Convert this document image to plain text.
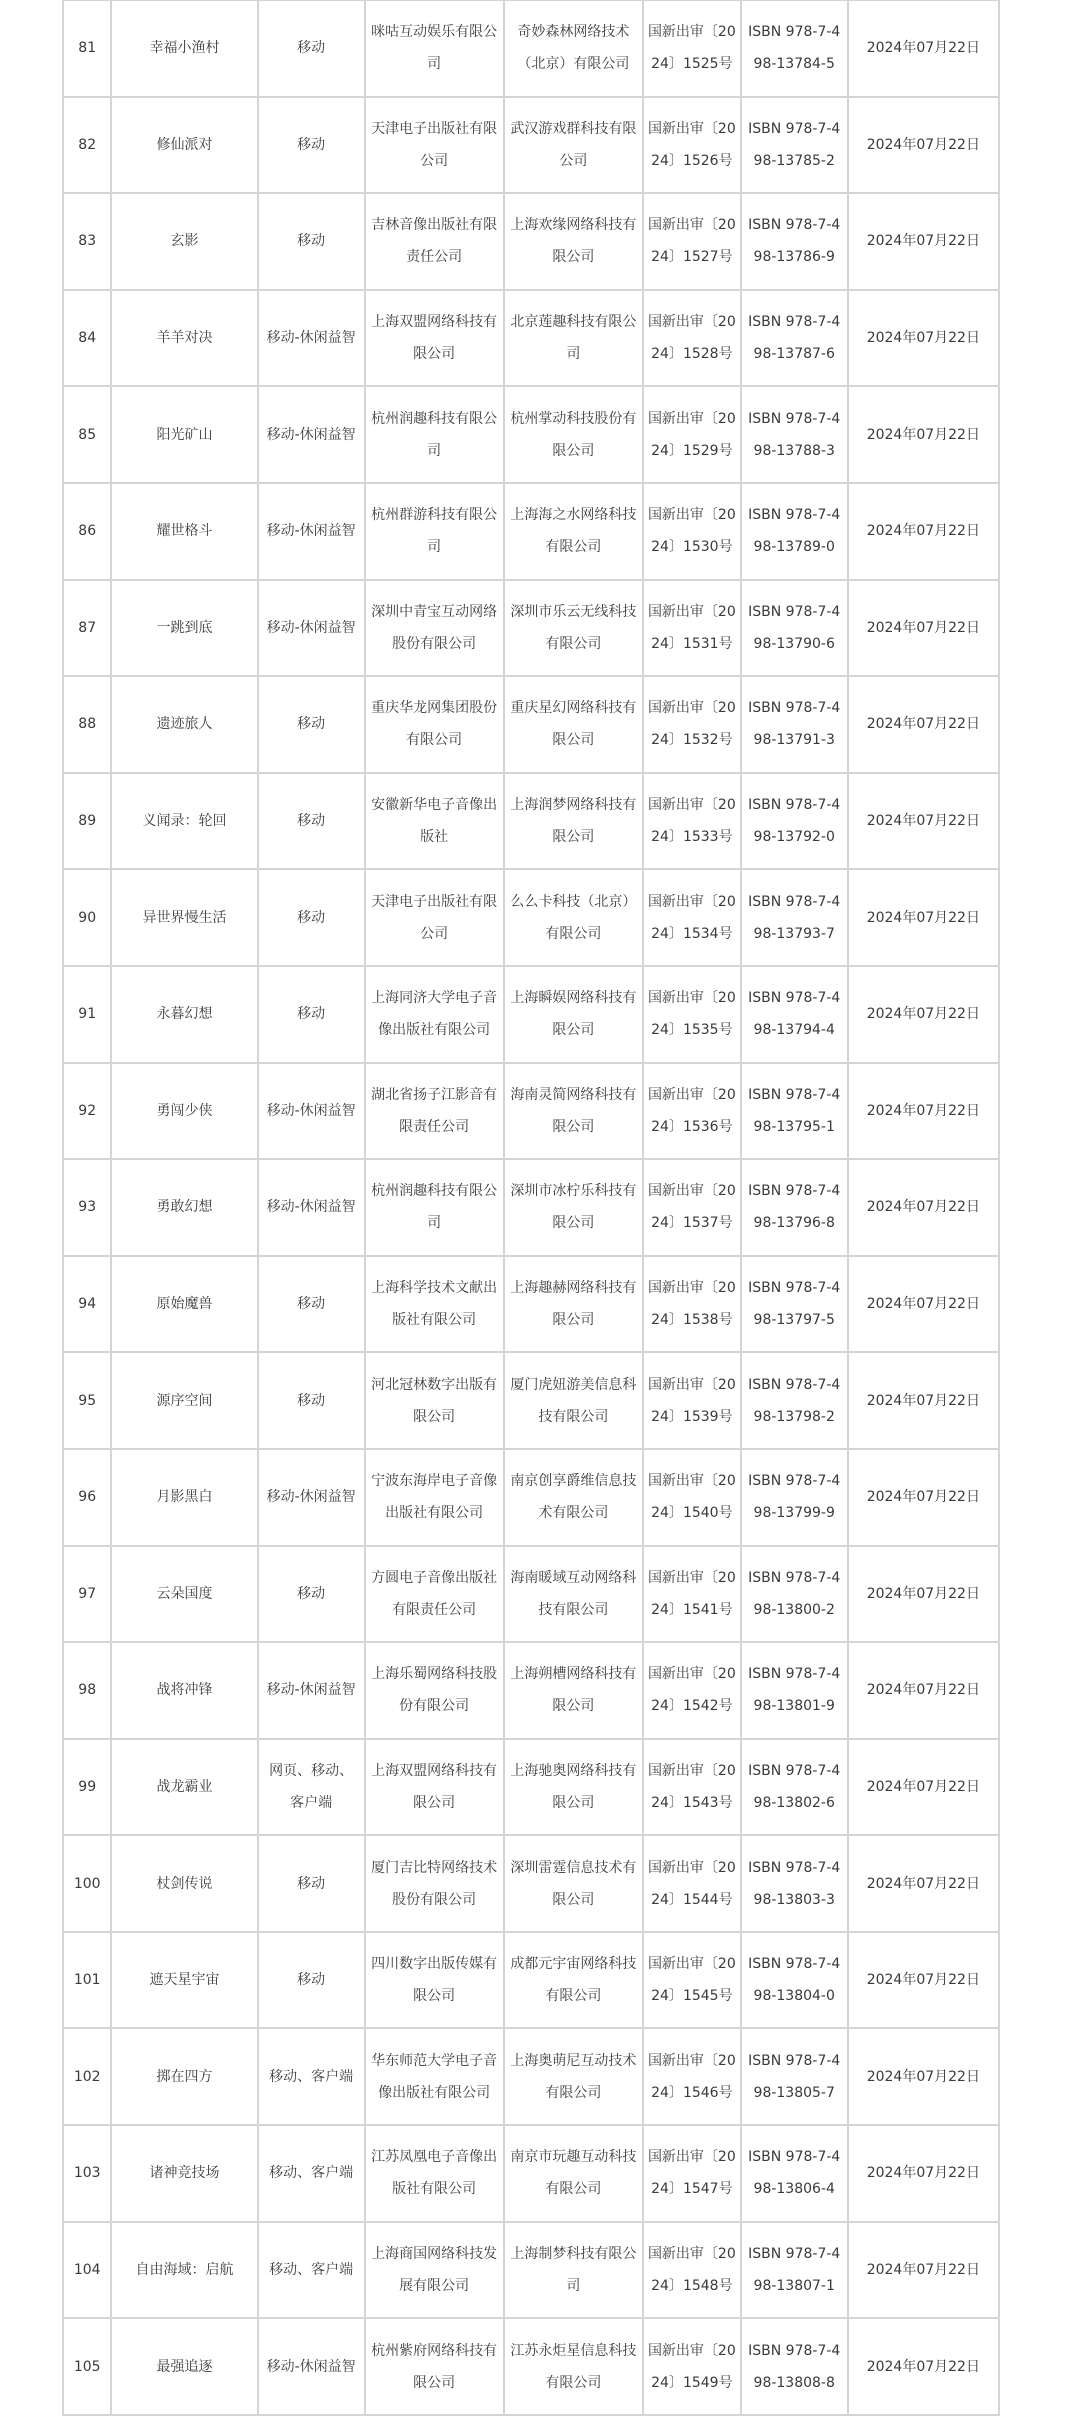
81	幸福小渔村	移动	咪咕互动娱乐有限公司	奇妙森林网络技术（北京）有限公司	国新出审〔2024〕1525号	ISBN 978-7-498-13784-5	2024年07月22日
82	修仙派对	移动	天津电子出版社有限公司	武汉游戏群科技有限公司	国新出审〔2024〕1526号	ISBN 978-7-498-13785-2	2024年07月22日
83	玄影	移动	吉林音像出版社有限责任公司	上海欢缘网络科技有限公司	国新出审〔2024〕1527号	ISBN 978-7-498-13786-9	2024年07月22日
84	羊羊对决	移动-休闲益智	上海双盟网络科技有限公司	北京莲趣科技有限公司	国新出审〔2024〕1528号	ISBN 978-7-498-13787-6	2024年07月22日
85	阳光矿山	移动-休闲益智	杭州润趣科技有限公司	杭州掌动科技股份有限公司	国新出审〔2024〕1529号	ISBN 978-7-498-13788-3	2024年07月22日
86	耀世格斗	移动-休闲益智	杭州群游科技有限公司	上海海之水网络科技有限公司	国新出审〔2024〕1530号	ISBN 978-7-498-13789-0	2024年07月22日
87	一跳到底	移动-休闲益智	深圳中青宝互动网络股份有限公司	深圳市乐云无线科技有限公司	国新出审〔2024〕1531号	ISBN 978-7-498-13790-6	2024年07月22日
88	遗迹旅人	移动	重庆华龙网集团股份有限公司	重庆星幻网络科技有限公司	国新出审〔2024〕1532号	ISBN 978-7-498-13791-3	2024年07月22日
89	义闻录：轮回	移动	安徽新华电子音像出版社	上海润梦网络科技有限公司	国新出审〔2024〕1533号	ISBN 978-7-498-13792-0	2024年07月22日
90	异世界慢生活	移动	天津电子出版社有限公司	么么卡科技（北京）有限公司	国新出审〔2024〕1534号	ISBN 978-7-498-13793-7	2024年07月22日
91	永暮幻想	移动	上海同济大学电子音像出版社有限公司	上海瞬娱网络科技有限公司	国新出审〔2024〕1535号	ISBN 978-7-498-13794-4	2024年07月22日
92	勇闯少侠	移动-休闲益智	湖北省扬子江影音有限责任公司	海南灵简网络科技有限公司	国新出审〔2024〕1536号	ISBN 978-7-498-13795-1	2024年07月22日
93	勇敢幻想	移动-休闲益智	杭州润趣科技有限公司	深圳市冰柠乐科技有限公司	国新出审〔2024〕1537号	ISBN 978-7-498-13796-8	2024年07月22日
94	原始魔兽	移动	上海科学技术文献出版社有限公司	上海趣赫网络科技有限公司	国新出审〔2024〕1538号	ISBN 978-7-498-13797-5	2024年07月22日
95	源序空间	移动	河北冠林数字出版有限公司	厦门虎妞游美信息科技有限公司	国新出审〔2024〕1539号	ISBN 978-7-498-13798-2	2024年07月22日
96	月影黑白	移动-休闲益智	宁波东海岸电子音像出版社有限公司	南京创享爵维信息技术有限公司	国新出审〔2024〕1540号	ISBN 978-7-498-13799-9	2024年07月22日
97	云朵国度	移动	方圆电子音像出版社有限责任公司	海南暖域互动网络科技有限公司	国新出审〔2024〕1541号	ISBN 978-7-498-13800-2	2024年07月22日
98	战将冲锋	移动-休闲益智	上海乐蜀网络科技股份有限公司	上海朔槽网络科技有限公司	国新出审〔2024〕1542号	ISBN 978-7-498-13801-9	2024年07月22日
99	战龙霸业	网页、移动、客户端	上海双盟网络科技有限公司	上海驰奥网络科技有限公司	国新出审〔2024〕1543号	ISBN 978-7-498-13802-6	2024年07月22日
100	杖剑传说	移动	厦门吉比特网络技术股份有限公司	深圳雷霆信息技术有限公司	国新出审〔2024〕1544号	ISBN 978-7-498-13803-3	2024年07月22日
101	遮天星宇宙	移动	四川数字出版传媒有限公司	成都元宇宙网络科技有限公司	国新出审〔2024〕1545号	ISBN 978-7-498-13804-0	2024年07月22日
102	掷在四方	移动、客户端	华东师范大学电子音像出版社有限公司	上海奥萌尼互动技术有限公司	国新出审〔2024〕1546号	ISBN 978-7-498-13805-7	2024年07月22日
103	诸神竞技场	移动、客户端	江苏凤凰电子音像出版社有限公司	南京市玩趣互动科技有限公司	国新出审〔2024〕1547号	ISBN 978-7-498-13806-4	2024年07月22日
104	自由海域：启航	移动、客户端	上海商国网络科技发展有限公司	上海制梦科技有限公司	国新出审〔2024〕1548号	ISBN 978-7-498-13807-1	2024年07月22日
105	最强追逐	移动-休闲益智	杭州紫府网络科技有限公司	江苏永炬星信息科技有限公司	国新出审〔2024〕1549号	ISBN 978-7-498-13808-8	2024年07月22日
